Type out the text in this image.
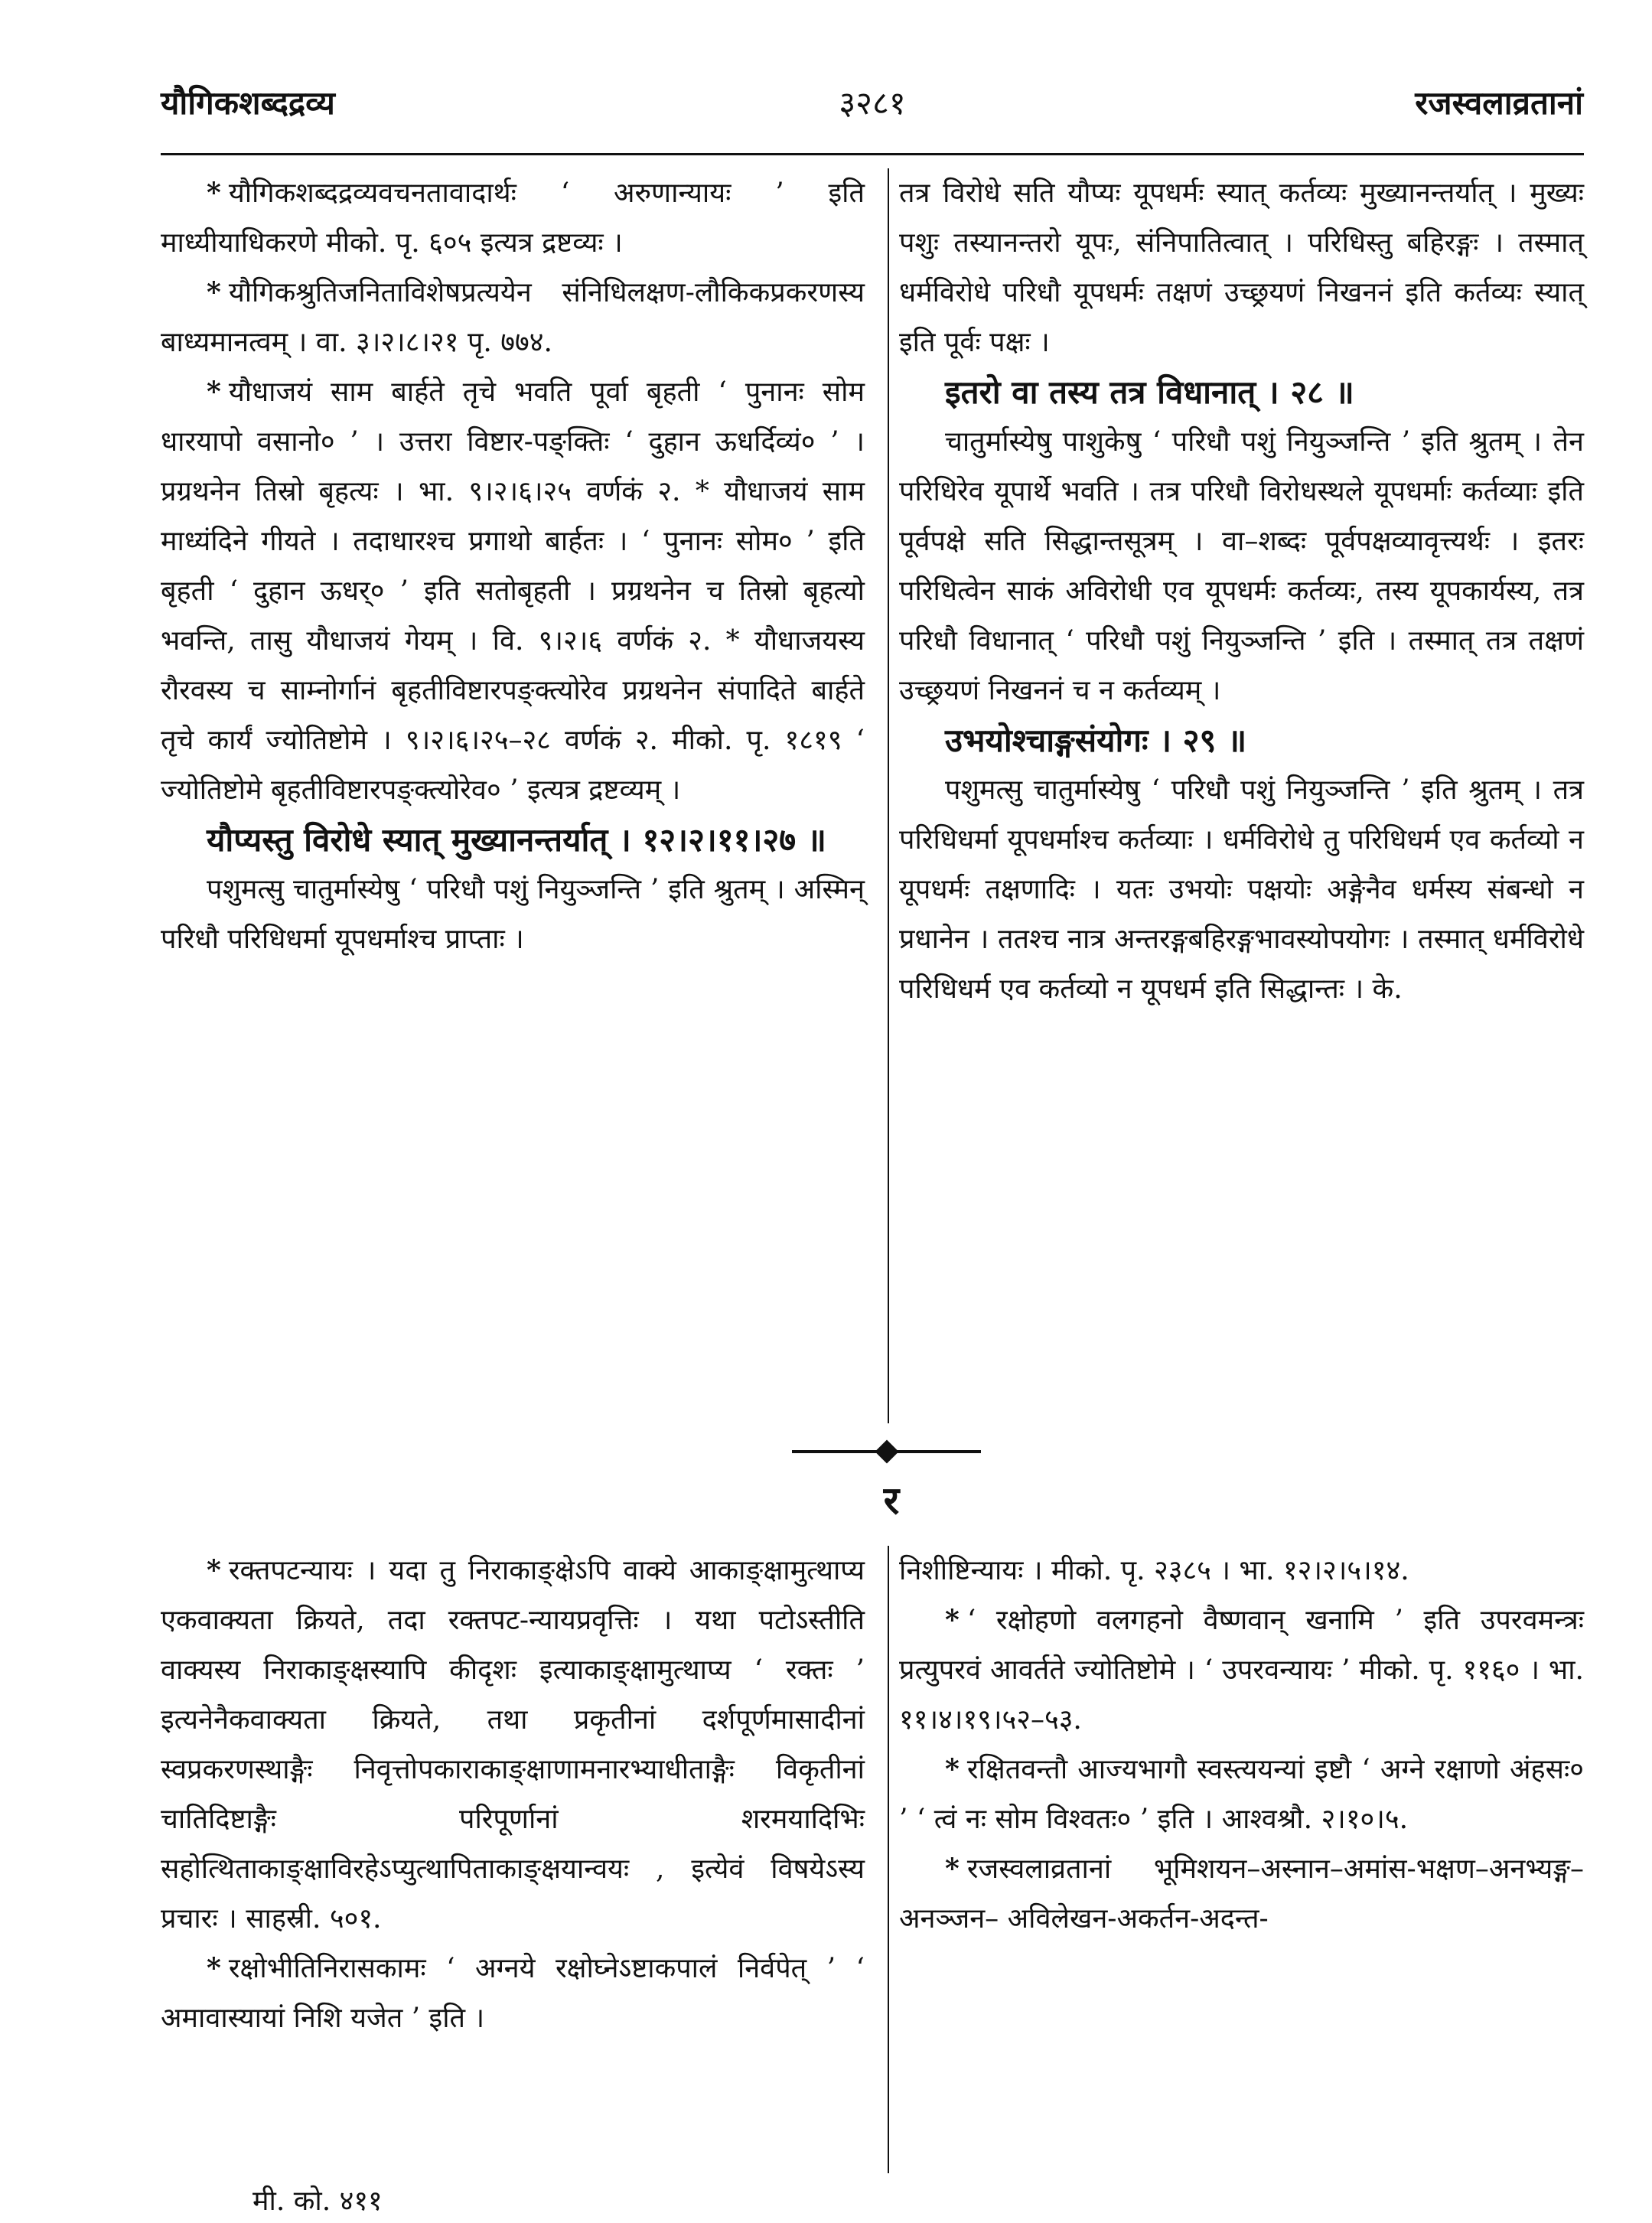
यौगिकशब्दद्रव्य	३२८१	रजस्वलाव्रतानां

* यौगिकशब्दद्रव्यवचनतावादार्थः ‘ अरुणान्यायः ’ इति माध्यीयाधिकरणे मीको. पृ. ६०५ इत्यत्र द्रष्टव्यः ।

* यौगिकश्रुतिजनिताविशेषप्रत्ययेन संनिधिलक्षण-लौकिकप्रकरणस्य बाध्यमानत्वम् । वा. ३।२।८।२१ पृ. ७७४.

* यौधाजयं साम बार्हते तृचे भवति पूर्वा बृहती ‘ पुनानः सोम धारयापो वसानो० ’ । उत्तरा विष्टार-पङ्क्तिः ‘ दुहान ऊधर्दिव्यं० ’ । प्रग्रथनेन तिस्रो बृहत्यः । भा. ९।२।६।२५ वर्णकं २. * यौधाजयं साम माध्यंदिने गीयते । तदाधारश्च प्रगाथो बार्हतः । ‘ पुनानः सोम० ’ इति बृहती ‘ दुहान ऊधर्० ’ इति सतोबृहती । प्रग्रथनेन च तिस्रो बृहत्यो भवन्ति, तासु यौधाजयं गेयम् । वि. ९।२।६ वर्णकं २. * यौधाजयस्य रौरवस्य च साम्नोर्गानं बृहतीविष्टारपङ्क्त्योरेव प्रग्रथनेन संपादिते बार्हते तृचे कार्यं ज्योतिष्टोमे । ९।२।६।२५–२८ वर्णकं २. मीको. पृ. १८१९ ‘ ज्योतिष्टोमे बृहतीविष्टारपङ्क्त्योरेव० ’ इत्यत्र द्रष्टव्यम् ।

यौप्यस्तु विरोधे स्यात् मुख्यानन्तर्यात् । १२।२।११।२७ ॥

पशुमत्सु चातुर्मास्येषु ‘ परिधौ पशुं नियुञ्जन्ति ’ इति श्रुतम् । अस्मिन् परिधौ परिधिधर्मा यूपधर्माश्च प्राप्ताः ।

तत्र विरोधे सति यौप्यः यूपधर्मः स्यात् कर्तव्यः मुख्यानन्तर्यात् । मुख्यः पशुः तस्यानन्तरो यूपः, संनिपातित्वात् । परिधिस्तु बहिरङ्गः । तस्मात् धर्मविरोधे परिधौ यूपधर्मः तक्षणं उच्छ्रयणं निखननं इति कर्तव्यः स्यात् इति पूर्वः पक्षः ।

इतरो वा तस्य तत्र विधानात् । २८ ॥

चातुर्मास्येषु पाशुकेषु ‘ परिधौ पशुं नियुञ्जन्ति ’ इति श्रुतम् । तेन परिधिरेव यूपार्थे भवति । तत्र परिधौ विरोधस्थले यूपधर्माः कर्तव्याः इति पूर्वपक्षे सति सिद्धान्तसूत्रम् । वा–शब्दः पूर्वपक्षव्यावृत्त्यर्थः । इतरः परिधित्वेन साकं अविरोधी एव यूपधर्मः कर्तव्यः, तस्य यूपकार्यस्य, तत्र परिधौ विधानात् ‘ परिधौ पशुं नियुञ्जन्ति ’ इति । तस्मात् तत्र तक्षणं उच्छ्रयणं निखननं च न कर्तव्यम् ।

उभयोश्चाङ्गसंयोगः । २९ ॥

पशुमत्सु चातुर्मास्येषु ‘ परिधौ पशुं नियुञ्जन्ति ’ इति श्रुतम् । तत्र परिधिधर्मा यूपधर्माश्च कर्तव्याः । धर्मविरोधे तु परिधिधर्म एव कर्तव्यो न यूपधर्मः तक्षणादिः । यतः उभयोः पक्षयोः अङ्गेनैव धर्मस्य संबन्धो न प्रधानेन । ततश्च नात्र अन्तरङ्गबहिरङ्गभावस्योपयोगः । तस्मात् धर्मविरोधे परिधिधर्म एव कर्तव्यो न यूपधर्म इति सिद्धान्तः । के.

र

* रक्तपटन्यायः । यदा तु निराकाङ्क्षेऽपि वाक्ये आकाङ्क्षामुत्थाप्य एकवाक्यता क्रियते, तदा रक्तपट-न्यायप्रवृत्तिः । यथा पटोऽस्तीति वाक्यस्य निराकाङ्क्षस्यापि कीदृशः इत्याकाङ्क्षामुत्थाप्य ‘ रक्तः ’ इत्यनेनैकवाक्यता क्रियते, तथा प्रकृतीनां दर्शपूर्णमासादीनां स्वप्रकरणस्थाङ्गैः निवृत्तोपकाराकाङ्क्षाणामनारभ्याधीताङ्गैः विकृतीनां चातिदिष्टाङ्गैः परिपूर्णानां शरमयादिभिः सहोत्थिताकाङ्क्षाविरहेऽप्युत्थापिताकाङ्क्षयान्वयः , इत्येवं विषयेऽस्य प्रचारः । साहस्री. ५०१.

* रक्षोभीतिनिरासकामः ‘ अग्नये रक्षोघ्नेऽष्टाकपालं निर्वपेत् ’ ‘ अमावास्यायां निशि यजेत ’ इति ।

निशीष्टिन्यायः । मीको. पृ. २३८५ । भा. १२।२।५।१४.

* ‘ रक्षोहणो वलगहनो वैष्णवान् खनामि ’ इति उपरवमन्त्रः प्रत्युपरवं आवर्तते ज्योतिष्टोमे । ‘ उपरवन्यायः ’ मीको. पृ. ११६० । भा. ११।४।१९।५२–५३.

* रक्षितवन्तौ आज्यभागौ स्वस्त्ययन्यां इष्टौ ‘ अग्ने रक्षाणो अंहसः० ’ ‘ त्वं नः सोम विश्वतः० ’ इति । आश्वश्रौ. २।१०।५.

* रजस्वलाव्रतानां भूमिशयन–अस्नान–अमांस-भक्षण–अनभ्यङ्ग–अनञ्जन– अविलेखन-अकर्तन-अदन्त-

मी. को. ४११
